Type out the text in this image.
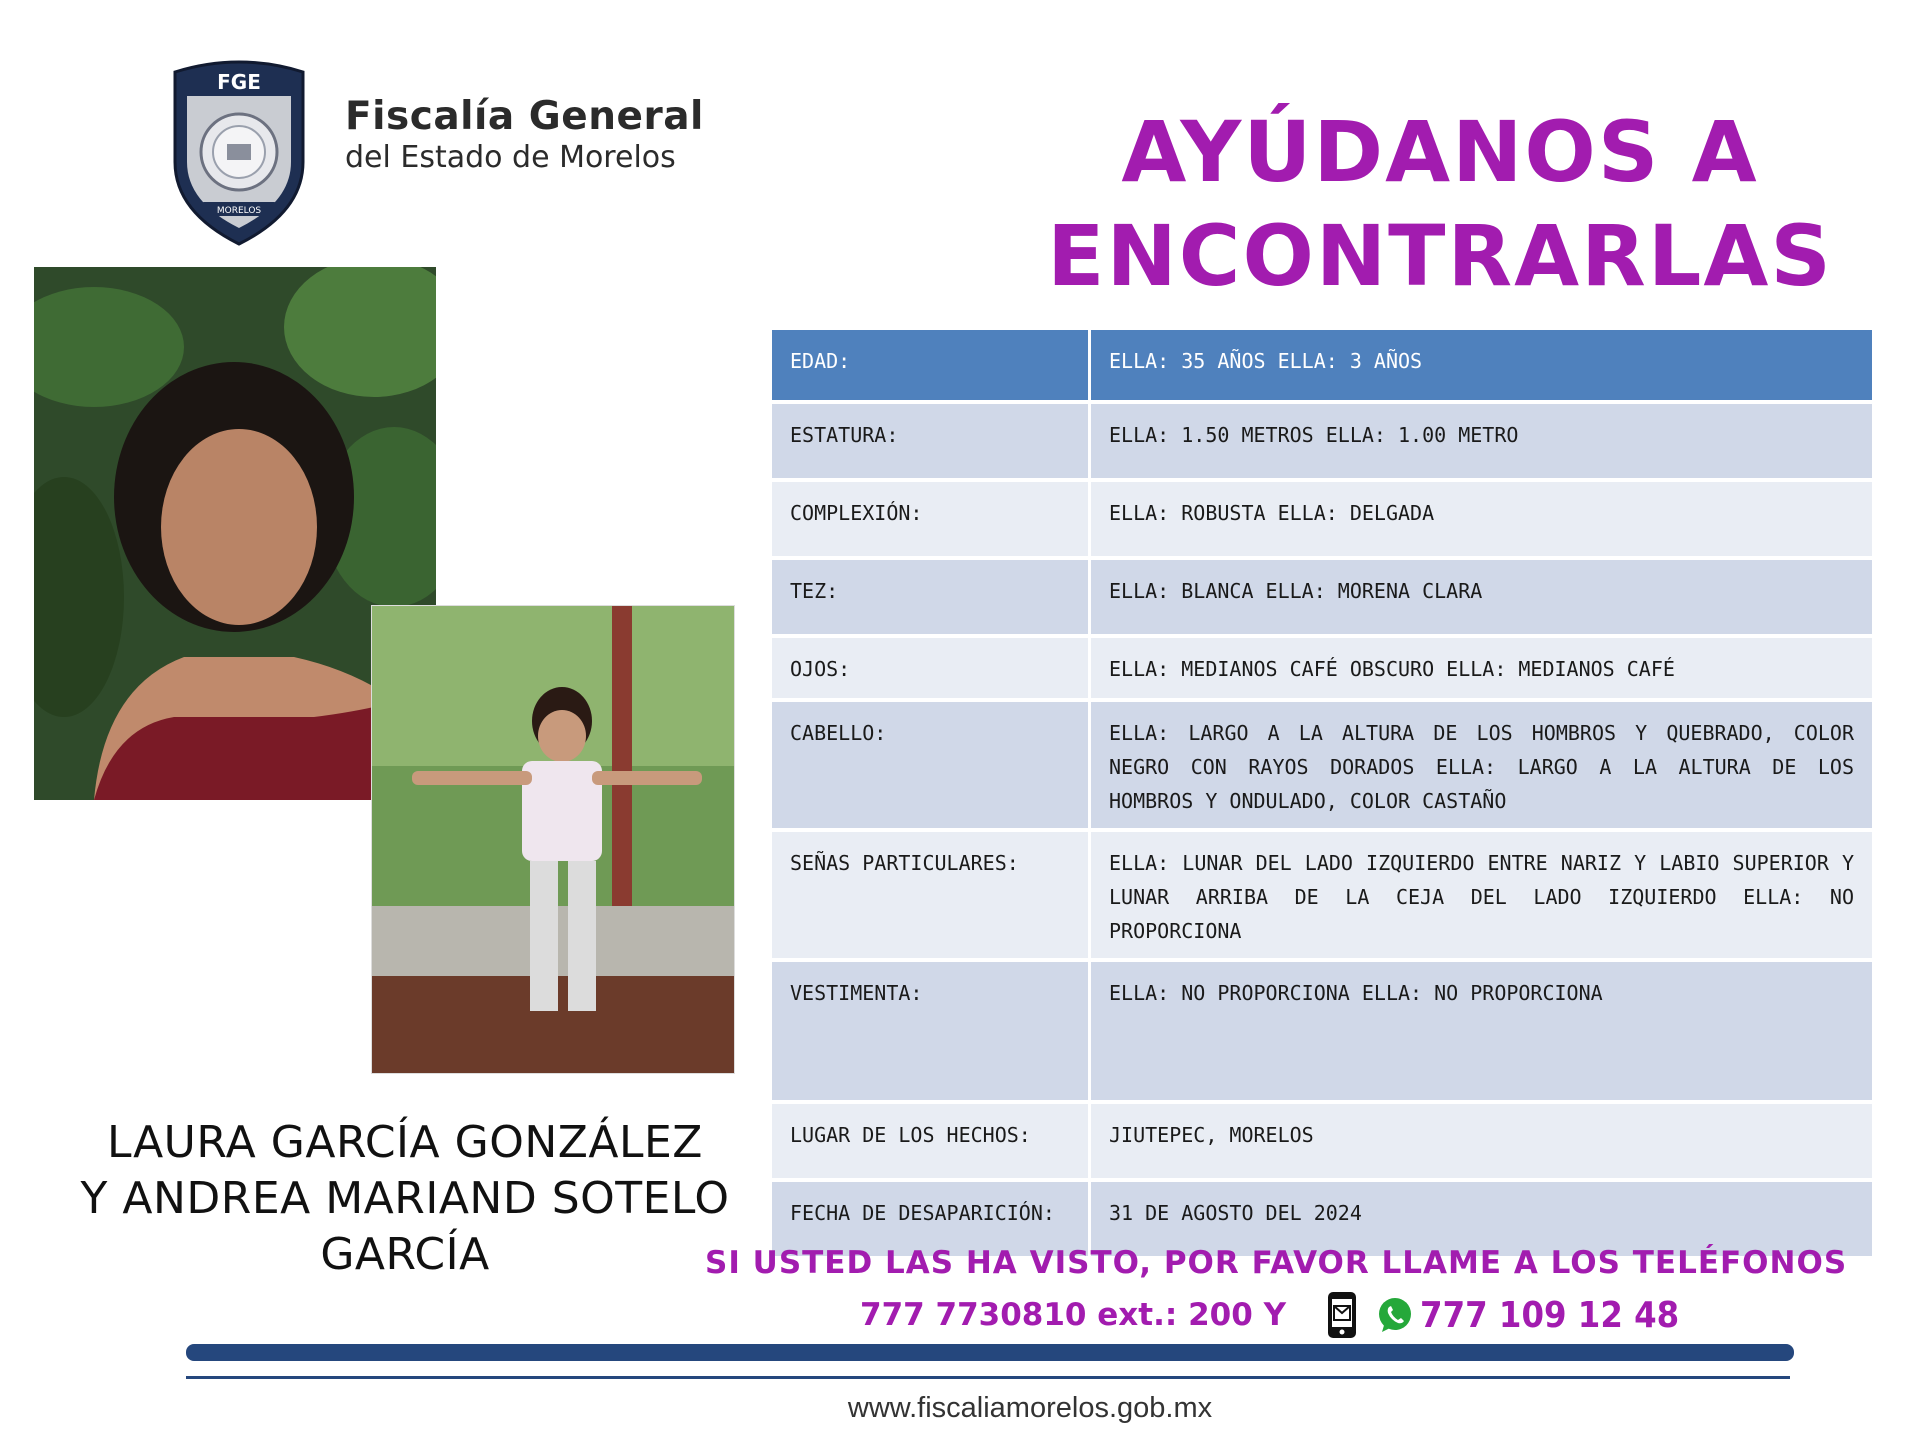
FGE
MORELOS
Fiscalía General
del Estado de Morelos	AYÚDANOS A
ENCONTRARLAS
LAURA GARCÍA GONZÁLEZ
Y ANDREA MARIAND SOTELO
GARCÍA
EDAD:	ELLA: 35 AÑOS ELLA: 3 AÑOS
ESTATURA:	ELLA: 1.50 METROS ELLA: 1.00 METRO
COMPLEXIÓN:	ELLA: ROBUSTA ELLA: DELGADA
TEZ:	ELLA: BLANCA ELLA: MORENA CLARA
OJOS:	ELLA: MEDIANOS CAFÉ OBSCURO ELLA: MEDIANOS CAFÉ
CABELLO:	ELLA: LARGO A LA ALTURA DE LOS HOMBROS Y QUEBRADO, COLOR NEGRO CON RAYOS DORADOS ELLA: LARGO A LA ALTURA DE LOS HOMBROS Y ONDULADO, COLOR CASTAÑO
SEÑAS PARTICULARES:	ELLA: LUNAR DEL LADO IZQUIERDO ENTRE NARIZ Y LABIO SUPERIOR Y LUNAR ARRIBA DE LA CEJA DEL LADO IZQUIERDO ELLA: NO PROPORCIONA
VESTIMENTA:	ELLA: NO PROPORCIONA ELLA: NO PROPORCIONA
LUGAR DE LOS HECHOS:	JIUTEPEC, MORELOS
FECHA DE DESAPARICIÓN:	31 DE AGOSTO DEL 2024
SI USTED LAS HA VISTO, POR FAVOR LLAME A LOS TELÉFONOS
777 7730810 ext.: 200 Y	777 109 12 48
www.fiscaliamorelos.gob.mx
